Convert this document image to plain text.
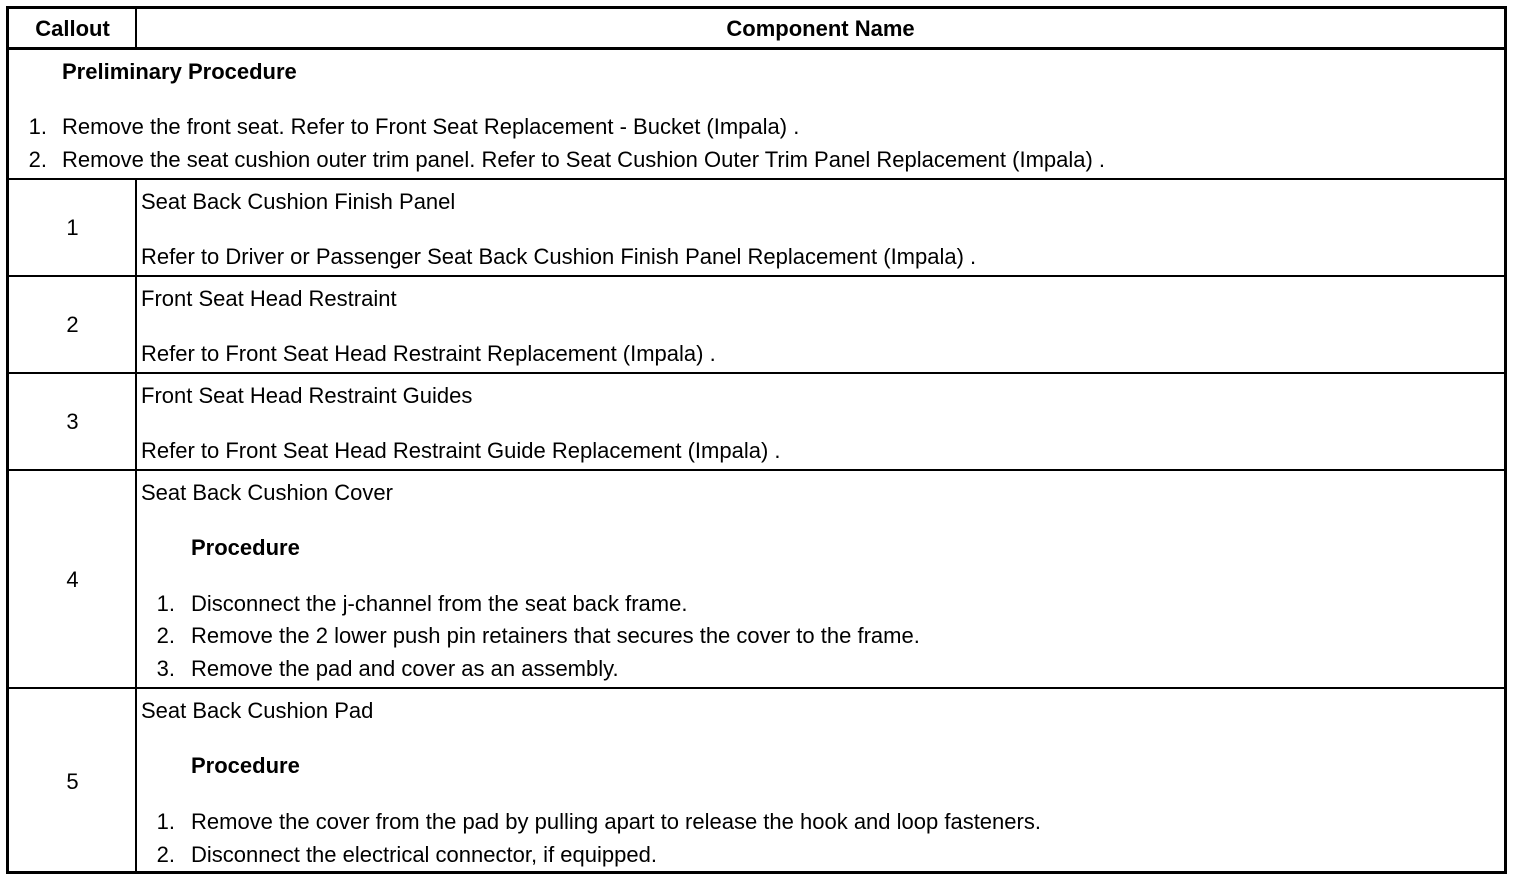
Callout	Component Name
Preliminary Procedure
1. Remove the front seat. Refer to Front Seat Replacement - Bucket (Impala) .
2. Remove the seat cushion outer trim panel. Refer to Seat Cushion Outer Trim Panel Replacement (Impala) .
1
Seat Back Cushion Finish Panel
Refer to Driver or Passenger Seat Back Cushion Finish Panel Replacement (Impala) .
2
Front Seat Head Restraint
Refer to Front Seat Head Restraint Replacement (Impala) .
3
Front Seat Head Restraint Guides
Refer to Front Seat Head Restraint Guide Replacement (Impala) .
4
Seat Back Cushion Cover
Procedure
1. Disconnect the j-channel from the seat back frame.
2. Remove the 2 lower push pin retainers that secures the cover to the frame.
3. Remove the pad and cover as an assembly.
5
Seat Back Cushion Pad
Procedure
1. Remove the cover from the pad by pulling apart to release the hook and loop fasteners.
2. Disconnect the electrical connector, if equipped.
